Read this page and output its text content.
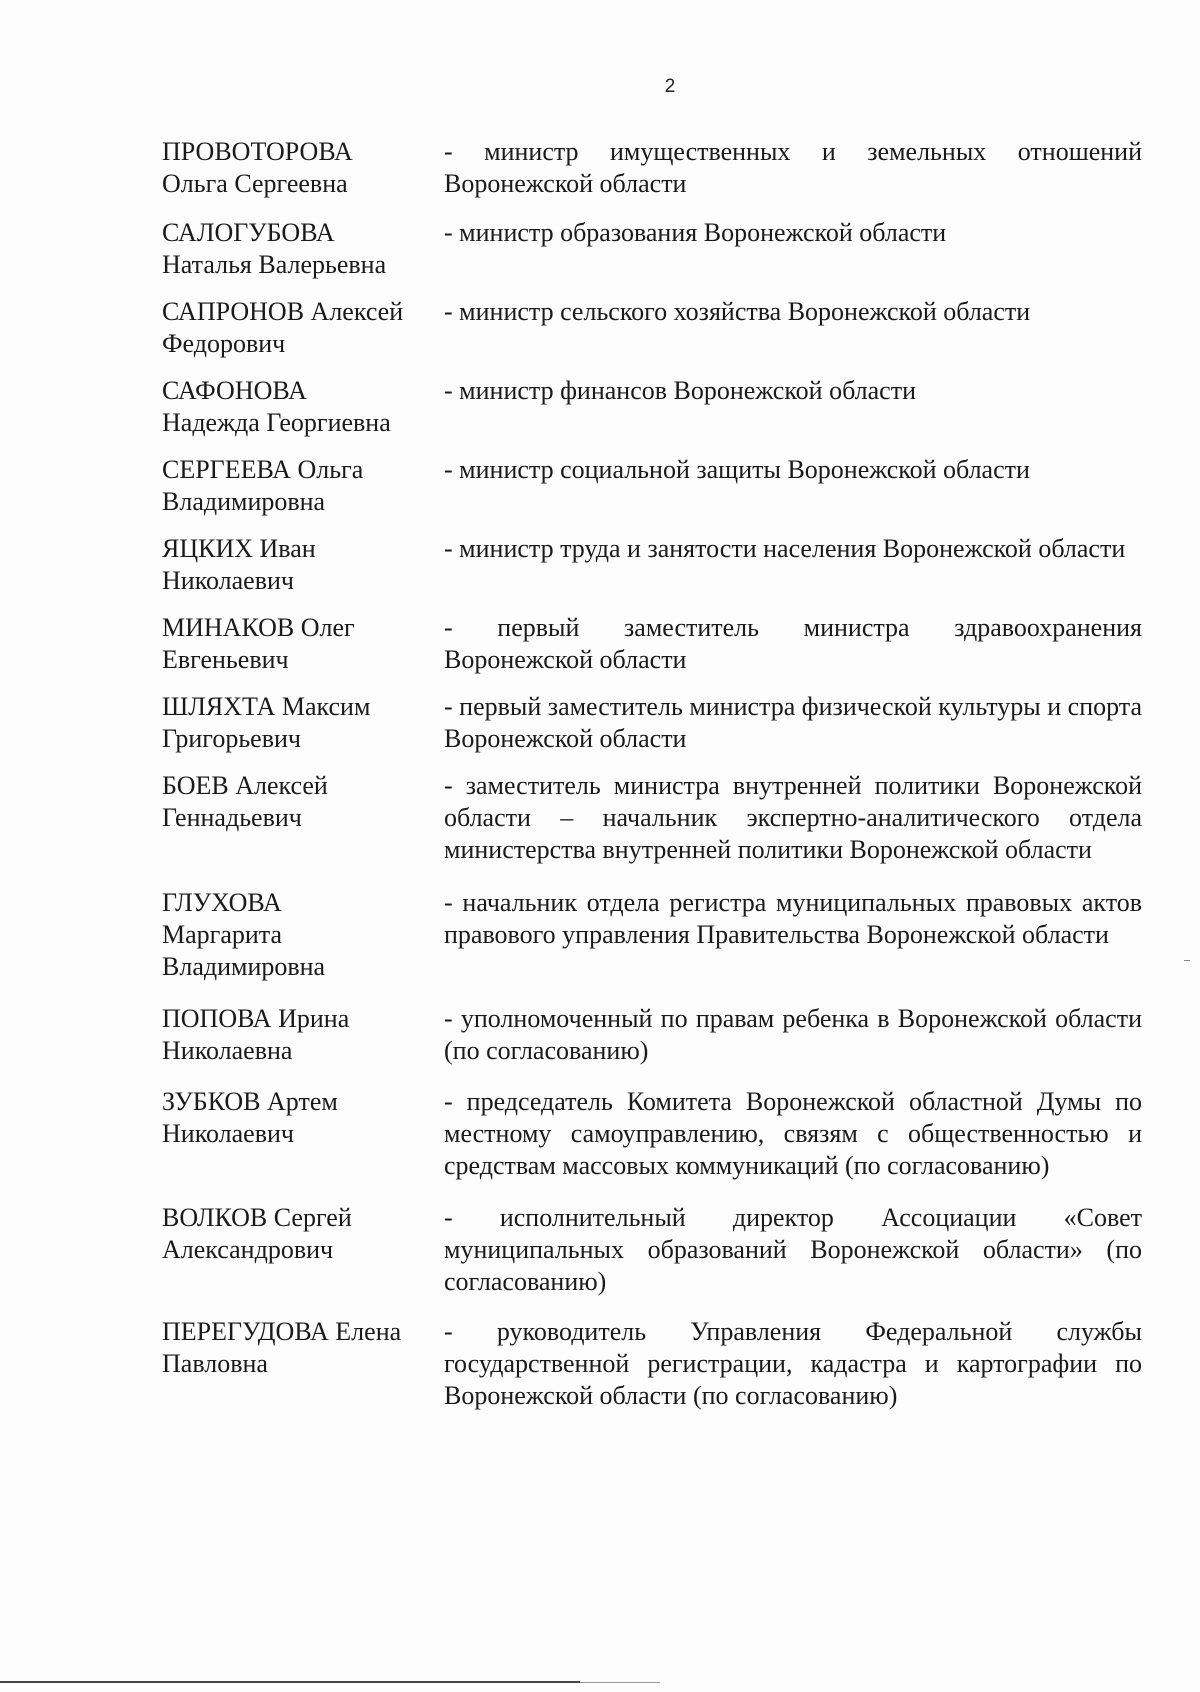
2
ПРОВОТОРОВА
Ольга Сергеевна
- министр имущественных и земельных отношений Воронежской области
САЛОГУБОВА
Наталья Валерьевна
- министр образования Воронежской области
САПРОНОВ Алексей
Федорович
- министр сельского хозяйства Воронежской области
САФОНОВА
Надежда Георгиевна
- министр финансов Воронежской области
СЕРГЕЕВА Ольга
Владимировна
- министр социальной защиты Воронежской области
ЯЦКИХ Иван
Николаевич
- министр труда и занятости населения Воронежской области
МИНАКОВ Олег
Евгеньевич
- первый заместитель министра здравоохранения Воронежской области
ШЛЯХТА Максим
Григорьевич
- первый заместитель министра физической культуры и спорта Воронежской области
БОЕВ Алексей
Геннадьевич
- заместитель министра внутренней политики Воронежской области – начальник экспертно-аналитического отдела министерства внутренней политики Воронежской области
ГЛУХОВА
Маргарита
Владимировна
- начальник отдела регистра муниципальных правовых актов правового управления Правительства Воронежской области
ПОПОВА Ирина
Николаевна
- уполномоченный по правам ребенка в Воронежской области (по согласованию)
ЗУБКОВ Артем
Николаевич
- председатель Комитета Воронежской областной Думы по местному самоуправлению, связям с общественностью и средствам массовых коммуникаций (по согласованию)
ВОЛКОВ Сергей
Александрович
- исполнительный директор Ассоциации «Совет муниципальных образований Воронежской области» (по согласованию)
ПЕРЕГУДОВА Елена
Павловна
- руководитель Управления Федеральной службы государственной регистрации, кадастра и картографии по Воронежской области (по согласованию)
